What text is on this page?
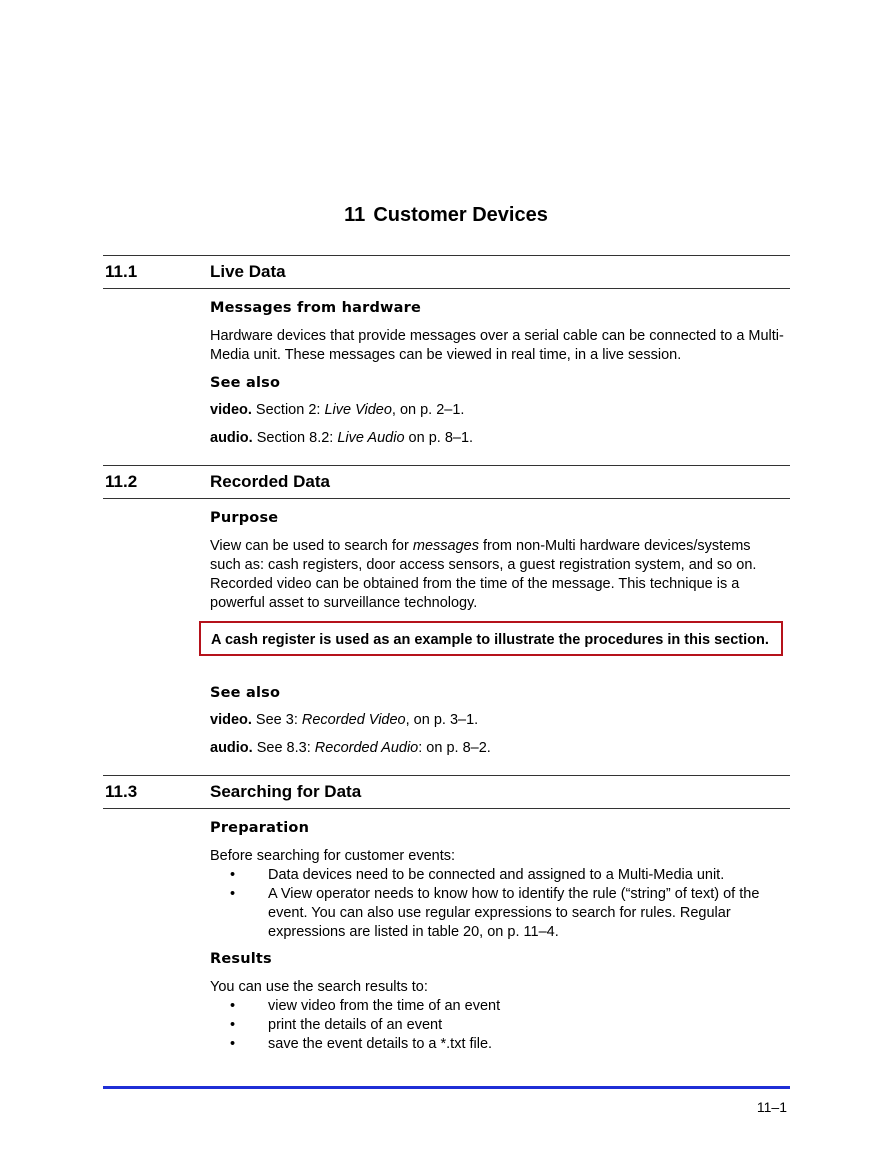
11 Customer Devices
11.1	Live Data
Messages from hardware

Hardware devices that provide messages over a serial cable can be connected to a Multi-Media unit. These messages can be viewed in real time, in a live session.

See also
video. Section 2: Live Video, on p. 2–1.
audio. Section 8.2: Live Audio on p. 8–1.
11.2	Recorded Data
Purpose

View can be used to search for messages from non-Multi hardware devices/systems such as: cash registers, door access sensors, a guest registration system, and so on. Recorded video can be obtained from the time of the message. This technique is a powerful asset to surveillance technology.

A cash register is used as an example to illustrate the procedures in this section.
See also
video. See 3: Recorded Video, on p. 3–1.
audio. See 8.3: Recorded Audio: on p. 8–2.
11.3	Searching for Data
Preparation

Before searching for customer events:

• Data devices need to be connected and assigned to a Multi-Media unit.
• A View operator needs to know how to identify the rule (“string” of text) of the event. You can also use regular expressions to search for rules. Regular expressions are listed in table 20, on p. 11–4.
Results

You can use the search results to:

• view video from the time of an event
• print the details of an event
• save the event details to a *.txt file.
11–1
